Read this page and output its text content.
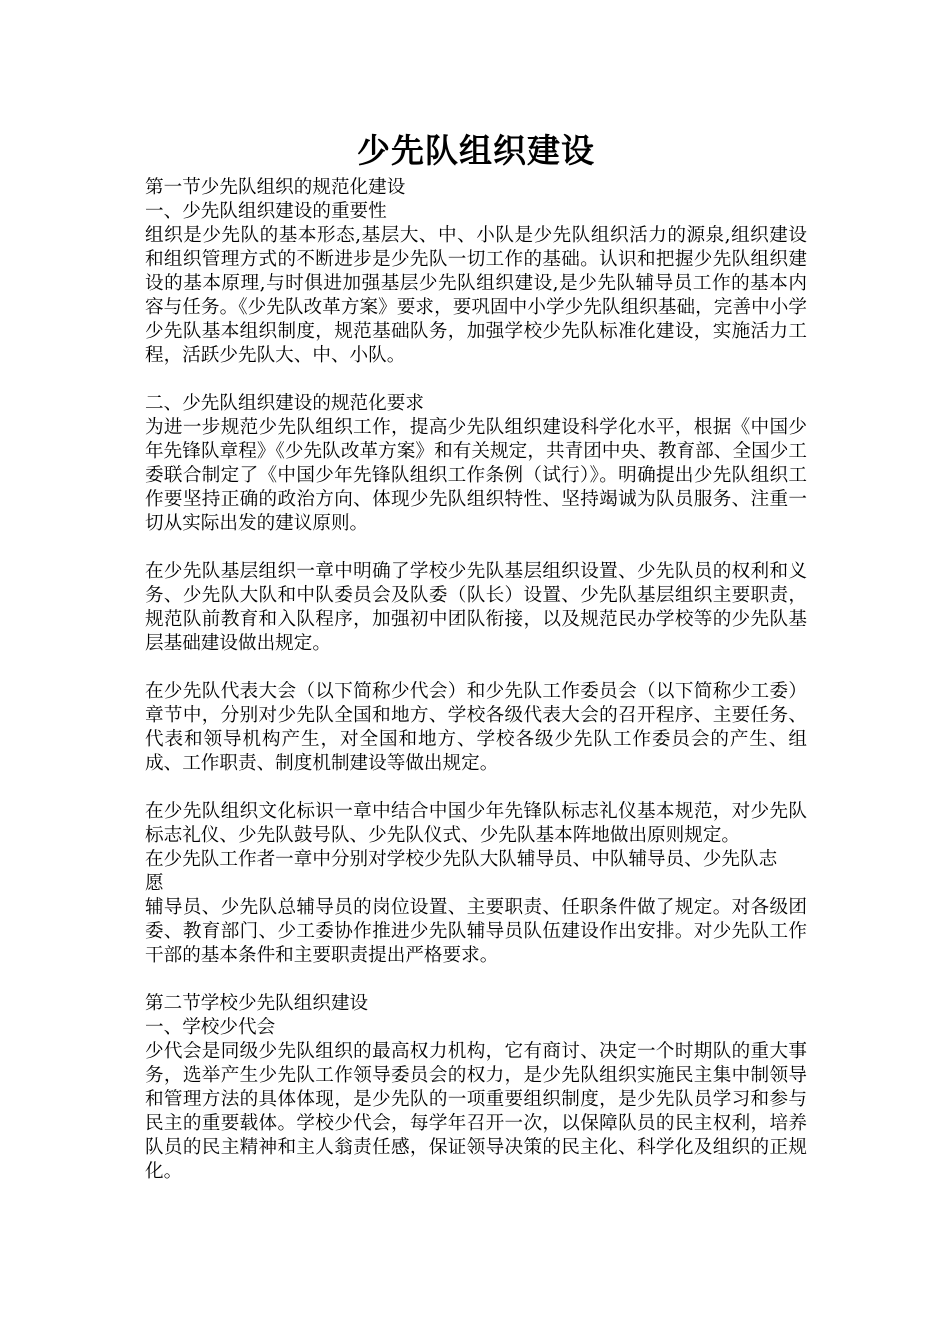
少先队组织建设

第一节少先队组织的规范化建设

一、少先队组织建设的重要性

组织是少先队的基本形态,基层大、中、小队是少先队组织活力的源泉,组织建设和组织管理方式的不断进步是少先队一切工作的基础。认识和把握少先队组织建设的基本原理,与时俱进加强基层少先队组织建设,是少先队辅导员工作的基本内容与任务。《少先队改革方案》要求，要巩固中小学少先队组织基础，完善中小学少先队基本组织制度，规范基础队务，加强学校少先队标准化建设，实施活力工程，活跃少先队大、中、小队。

二、少先队组织建设的规范化要求

为进一步规范少先队组织工作，提高少先队组织建设科学化水平，根据《中国少年先锋队章程》《少先队改革方案》和有关规定，共青团中央、教育部、全国少工委联合制定了《中国少年先锋队组织工作条例（试行）》。明确提出少先队组织工作要坚持正确的政治方向、体现少先队组织特性、坚持竭诚为队员服务、注重一切从实际出发的建议原则。

在少先队基层组织一章中明确了学校少先队基层组织设置、少先队员的权利和义务、少先队大队和中队委员会及队委（队长）设置、少先队基层组织主要职责，规范队前教育和入队程序，加强初中团队衔接，以及规范民办学校等的少先队基层基础建设做出规定。

在少先队代表大会（以下简称少代会）和少先队工作委员会（以下简称少工委）章节中，分别对少先队全国和地方、学校各级代表大会的召开程序、主要任务、代表和领导机构产生，对全国和地方、学校各级少先队工作委员会的产生、组成、工作职责、制度机制建设等做出规定。

在少先队组织文化标识一章中结合中国少年先锋队标志礼仪基本规范，对少先队标志礼仪、少先队鼓号队、少先队仪式、少先队基本阵地做出原则规定。

在少先队工作者一章中分别对学校少先队大队辅导员、中队辅导员、少先队志

愿

辅导员、少先队总辅导员的岗位设置、主要职责、任职条件做了规定。对各级团委、教育部门、少工委协作推进少先队辅导员队伍建设作出安排。对少先队工作干部的基本条件和主要职责提出严格要求。

第二节学校少先队组织建设

一、学校少代会

少代会是同级少先队组织的最高权力机构，它有商讨、决定一个时期队的重大事务，选举产生少先队工作领导委员会的权力，是少先队组织实施民主集中制领导和管理方法的具体体现，是少先队的一项重要组织制度，是少先队员学习和参与民主的重要载体。学校少代会，每学年召开一次，以保障队员的民主权利，培养队员的民主精神和主人翁责任感，保证领导决策的民主化、科学化及组织的正规化。
